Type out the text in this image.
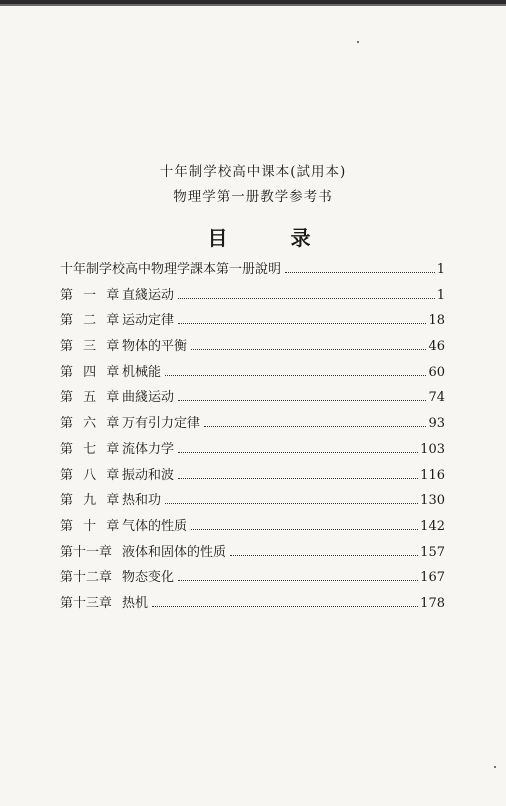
十年制学校高中课本(試用本)
物理学第一册教学参考书
目 录
十年制学校高中物理学課本第一册說明	1
第 一 章 直綫运动	1
第 二 章 运动定律	18
第 三 章 物体的平衡	46
第 四 章 机械能	60
第 五 章 曲綫运动	74
第 六 章 万有引力定律	93
第 七 章 流体力学	103
第 八 章 振动和波	116
第 九 章 热和功	130
第 十 章 气体的性质	142
第十一章 液体和固体的性质	157
第十二章 物态变化	167
第十三章 热机	178
